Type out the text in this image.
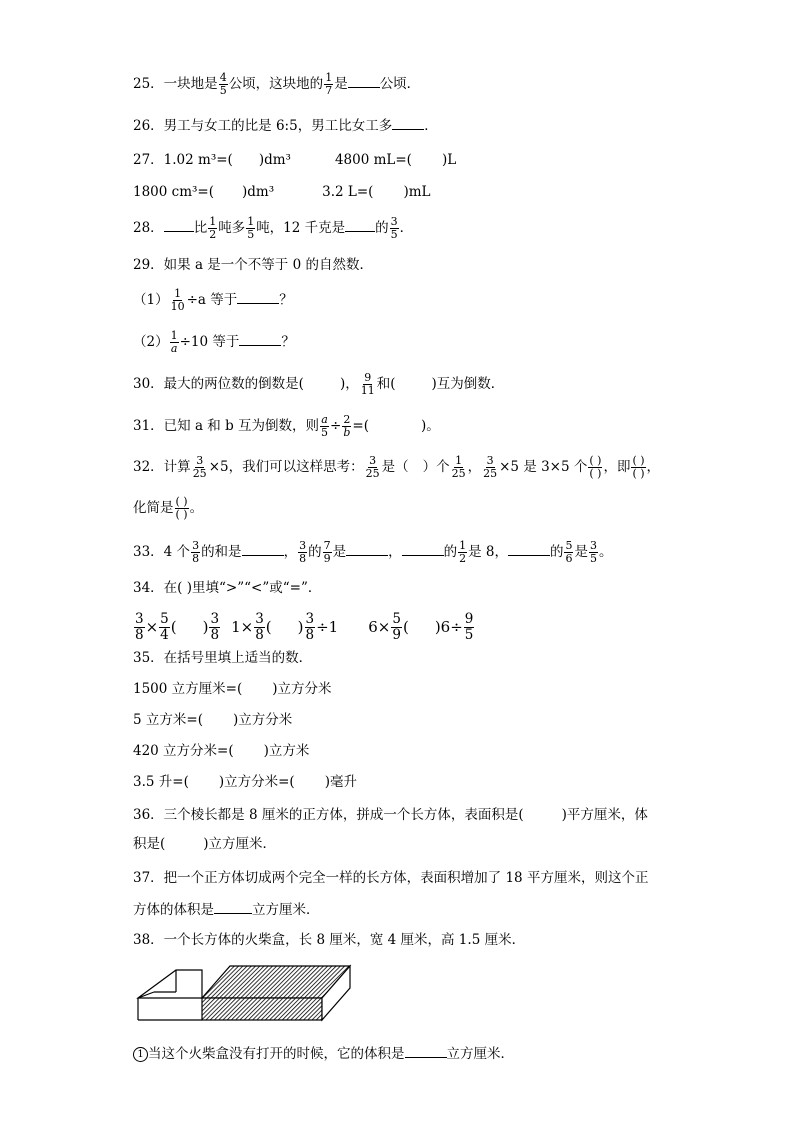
25．一块地是 $\frac{4}{5}$ 公顷，这块地的 $\frac{1}{7}$ 是 公顷．
26．男工与女工的比是 6:5，男工比女工多 ．
27．1.02 m³=( )dm³	4800 mL=( )L
1800 cm³=( )dm³	3.2 L=( )mL
28． 比 $\frac{1}{2}$ 吨多 $\frac{1}{5}$ 吨，12 千克是 的 $\frac{3}{5}$ ．
29．如果 a 是一个不等于 0 的自然数．
$(1) \frac{1}{10} \div a$ 等于	？
$(2) \frac{1}{a} \div 10$ 等于	？
30．最大的两位数的倒数是(	)， $\frac{9}{11}$ 和(	)互为倒数．
31．已知 a 和 b 互为倒数，则 $\frac{a}{5} \div \frac{2}{b}$ =(	)。
32．计算 $\frac{3}{25} \times 5$，我们可以这样思考： $\frac{3}{25}$ 是（ ）个 $\frac{1}{25}$ ， $\frac{3}{25} \times 5$ 是 3×5 个 $\frac{( )}{( )}$ ，即 $\frac{( )}{( )}$ ，
化简是 $\frac{( )}{( )}$ 。
33．4 个 $\frac{3}{8}$ 的和是	， $\frac{3}{8}$ 的 $\frac{7}{9}$ 是	，	的 $\frac{1}{2}$ 是 8，	的 $\frac{5}{6}$ 是 $\frac{3}{5}$ 。
34．在( )里填“>”“<”或“=”．
$\frac{3}{8} \times \frac{5}{4}$ ( ) $\frac{3}{8} 1\times \frac{3}{8}$ ( ) $\frac{3}{8} \div 1$ $6\times \frac{5}{9}$ ( )$6\div \frac{9}{5}$
35．在括号里填上适当的数．
1500 立方厘米=( )立方分米
5 立方米=( )立方分米
420 立方分米=( )立方米
3.5 升=( )立方分米=( )毫升
36．三个棱长都是 8 厘米的正方体，拼成一个长方体，表面积是(	)平方厘米，体
积是(	)立方厘米．
37．把一个正方体切成两个完全一样的长方体，表面积增加了 18 平方厘米，则这个正
方体的体积是	立方厘米．
38．一个长方体的火柴盒，长 8 厘米，宽 4 厘米，高 1.5 厘米．
1 当这个火柴盒没有打开的时候，它的体积是	立方厘米．
